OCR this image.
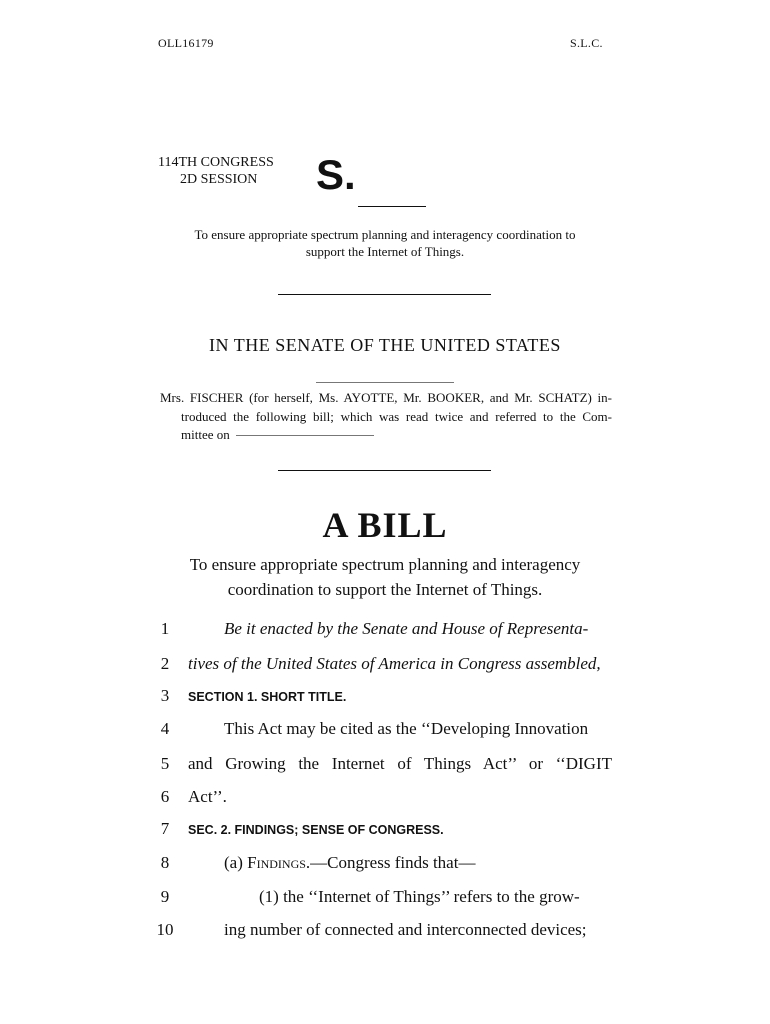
OLL16179	S.L.C.
114TH CONGRESS
2D SESSION S.
To ensure appropriate spectrum planning and interagency coordination to
support the Internet of Things.
IN THE SENATE OF THE UNITED STATES
Mrs. FISCHER (for herself, Ms. AYOTTE, Mr. BOOKER, and Mr. SCHATZ) in-
troduced the following bill; which was read twice and referred to the Com-
mittee on
A BILL
To ensure appropriate spectrum planning and interagency
coordination to support the Internet of Things.
1	Be it enacted by the Senate and House of Representa-
2	tives of the United States of America in Congress assembled,
3	SECTION 1. SHORT TITLE.
4	This Act may be cited as the ‘‘Developing Innovation
5	and Growing the Internet of Things Act’’ or ‘‘DIGIT
6	Act’’.
7	SEC. 2. FINDINGS; SENSE OF CONGRESS.
8	(a) Findings.—Congress finds that—
9	(1) the ‘‘Internet of Things’’ refers to the grow-
10	ing number of connected and interconnected devices;
